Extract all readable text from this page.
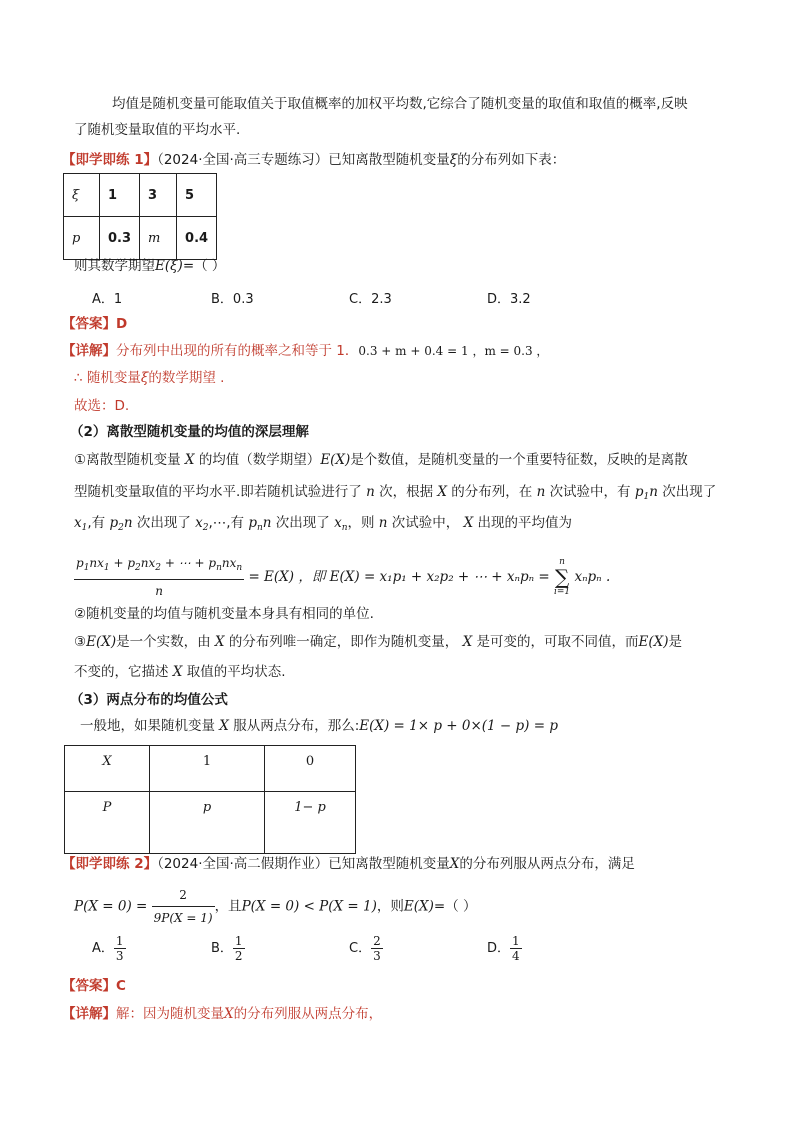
均值是随机变量可能取值关于取值概率的加权平均数,它综合了随机变量的取值和取值的概率,反映
了随机变量取值的平均水平.
【即学即练 1】（2024·全国·高三专题练习）已知离散型随机变量ξ的分布列如下表：
ξ	1	3	5
p	0.3	m	0.4
则其数学期望E(ξ)=（ ）
A．1	B．0.3	C．2.3	D．3.2
【答案】D
【详解】分布列中出现的所有的概率之和等于 1．0.3 + m + 0.4 = 1 ，m = 0.3 ，
∴ 随机变量ξ的数学期望 .
故选：D.
（2）离散型随机变量的均值的深层理解
①离散型随机变量 X 的均值（数学期望）E(X)是个数值，是随机变量的一个重要特征数，反映的是离散
型随机变量取值的平均水平.即若随机试验进行了 n 次，根据 X 的分布列，在 n 次试验中，有 $p_1n$ 次出现了
$x_1$,有 $p_2n$ 次出现了 $x_2,\cdots$,有 $p_nn$ 次出现了 $x_n$，则 n 次试验中， X 出现的平均值为
$\frac{p_1nx_1 + p_2nx_2 + \cdots + p_nnx_n}{n} = E(X)$ ，即 E(X) = x₁p₁ + x₂p₂ + ⋯ + xₙpₙ =
n
∑
i=1
xₙpₙ .
②随机变量的均值与随机变量本身具有相同的单位.
③E(X)是一个实数，由 X 的分布列唯一确定，即作为随机变量， X 是可变的，可取不同值，而E(X)是
不变的，它描述 X 取值的平均状态.
（3）两点分布的均值公式
一般地，如果随机变量 X 服从两点分布，那么:E(X) = 1× p + 0×(1 − p) = p
X	1	0
P	p	1− p
【即学即练 2】（2024·全国·高二假期作业）已知离散型随机变量X的分布列服从两点分布，满足
$P(X = 0) = \frac{2}{9P(X = 1)}$ ，且P(X = 0) < P(X = 1)，则E(X)=（ ）
A． $\frac{1}{3}$	B． $\frac{1}{2}$	C． $\frac{2}{3}$	D． $\frac{1}{4}$
【答案】C
【详解】解：因为随机变量X的分布列服从两点分布，
